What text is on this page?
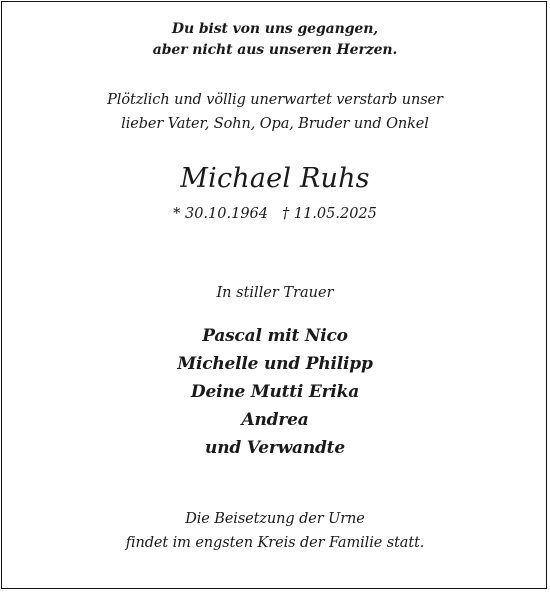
Du bist von uns gegangen,
aber nicht aus unseren Herzen.
Plötzlich und völlig unerwartet verstarb unser
lieber Vater, Sohn, Opa, Bruder und Onkel
Michael Ruhs
* 30.10.1964 † 11.05.2025
In stiller Trauer
Pascal mit Nico
Michelle und Philipp
Deine Mutti Erika
Andrea
und Verwandte
Die Beisetzung der Urne
findet im engsten Kreis der Familie statt.
